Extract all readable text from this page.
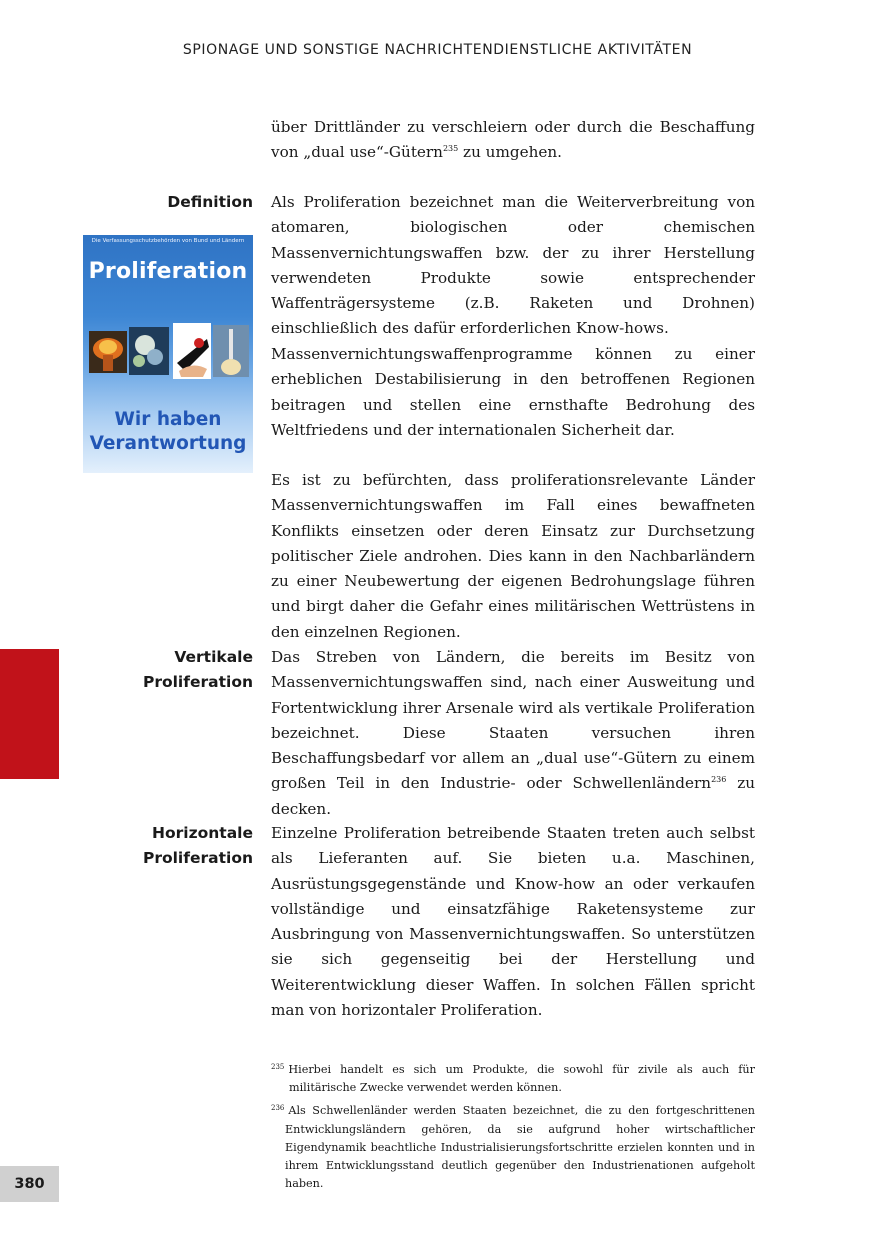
SPIONAGE UND SONSTIGE NACHRICHTENDIENSTLICHE AKTIVITÄTEN

über Drittländer zu verschleiern oder durch die Beschaffung von „dual use“-Gütern$^{235}$ zu umgehen.

Definition
Die Verfassungsschutzbehörden von Bund und Ländern
Proliferation
Wir haben
Verantwortung

Als Proliferation bezeichnet man die Weiterverbreitung von atomaren, biologischen oder chemischen Massenvernichtungswaffen bzw. der zu ihrer Herstellung verwendeten Produkte sowie entsprechender Waffenträgersysteme (z.B. Raketen und Drohnen) einschließlich des dafür erforderlichen Know-hows.

Massenvernichtungswaffenprogramme können zu einer erheblichen Destabilisierung in den betroffenen Regionen beitragen und stellen eine ernsthafte Bedrohung des Weltfriedens und der internationalen Sicherheit dar.

Es ist zu befürchten, dass proliferationsrelevante Länder Massenvernichtungswaffen im Fall eines bewaffneten Konflikts einsetzen oder deren Einsatz zur Durchsetzung politischer Ziele androhen. Dies kann in den Nachbarländern zu einer Neubewertung der eigenen Bedrohungslage führen und birgt daher die Gefahr eines militärischen Wettrüstens in den einzelnen Regionen.

Vertikale
Proliferation

Das Streben von Ländern, die bereits im Besitz von Massenvernichtungswaffen sind, nach einer Ausweitung und Fortentwicklung ihrer Arsenale wird als vertikale Proliferation bezeichnet. Diese Staaten versuchen ihren Beschaffungsbedarf vor allem an „dual use“-Gütern zu einem großen Teil in den Industrie- oder Schwellenländern$^{236}$ zu decken.

Horizontale
Proliferation

Einzelne Proliferation betreibende Staaten treten auch selbst als Lieferanten auf. Sie bieten u.a. Maschinen, Ausrüstungsgegenstände und Know-how an oder verkaufen vollständige und einsatzfähige Raketensysteme zur Ausbringung von Massenvernichtungswaffen. So unterstützen sie sich gegenseitig bei der Herstellung und Weiterentwicklung dieser Waffen. In solchen Fällen spricht man von horizontaler Proliferation.

$^{235}$ Hierbei handelt es sich um Produkte, die sowohl für zivile als auch für militärische Zwecke verwendet werden können.

$^{236}$ Als Schwellenländer werden Staaten bezeichnet, die zu den fortgeschrittenen Entwicklungsländern gehören, da sie aufgrund hoher wirtschaftlicher Eigendynamik beachtliche Industrialisierungsfortschritte erzielen konnten und in ihrem Entwicklungsstand deutlich gegenüber den Industrienationen aufgeholt haben.

380
